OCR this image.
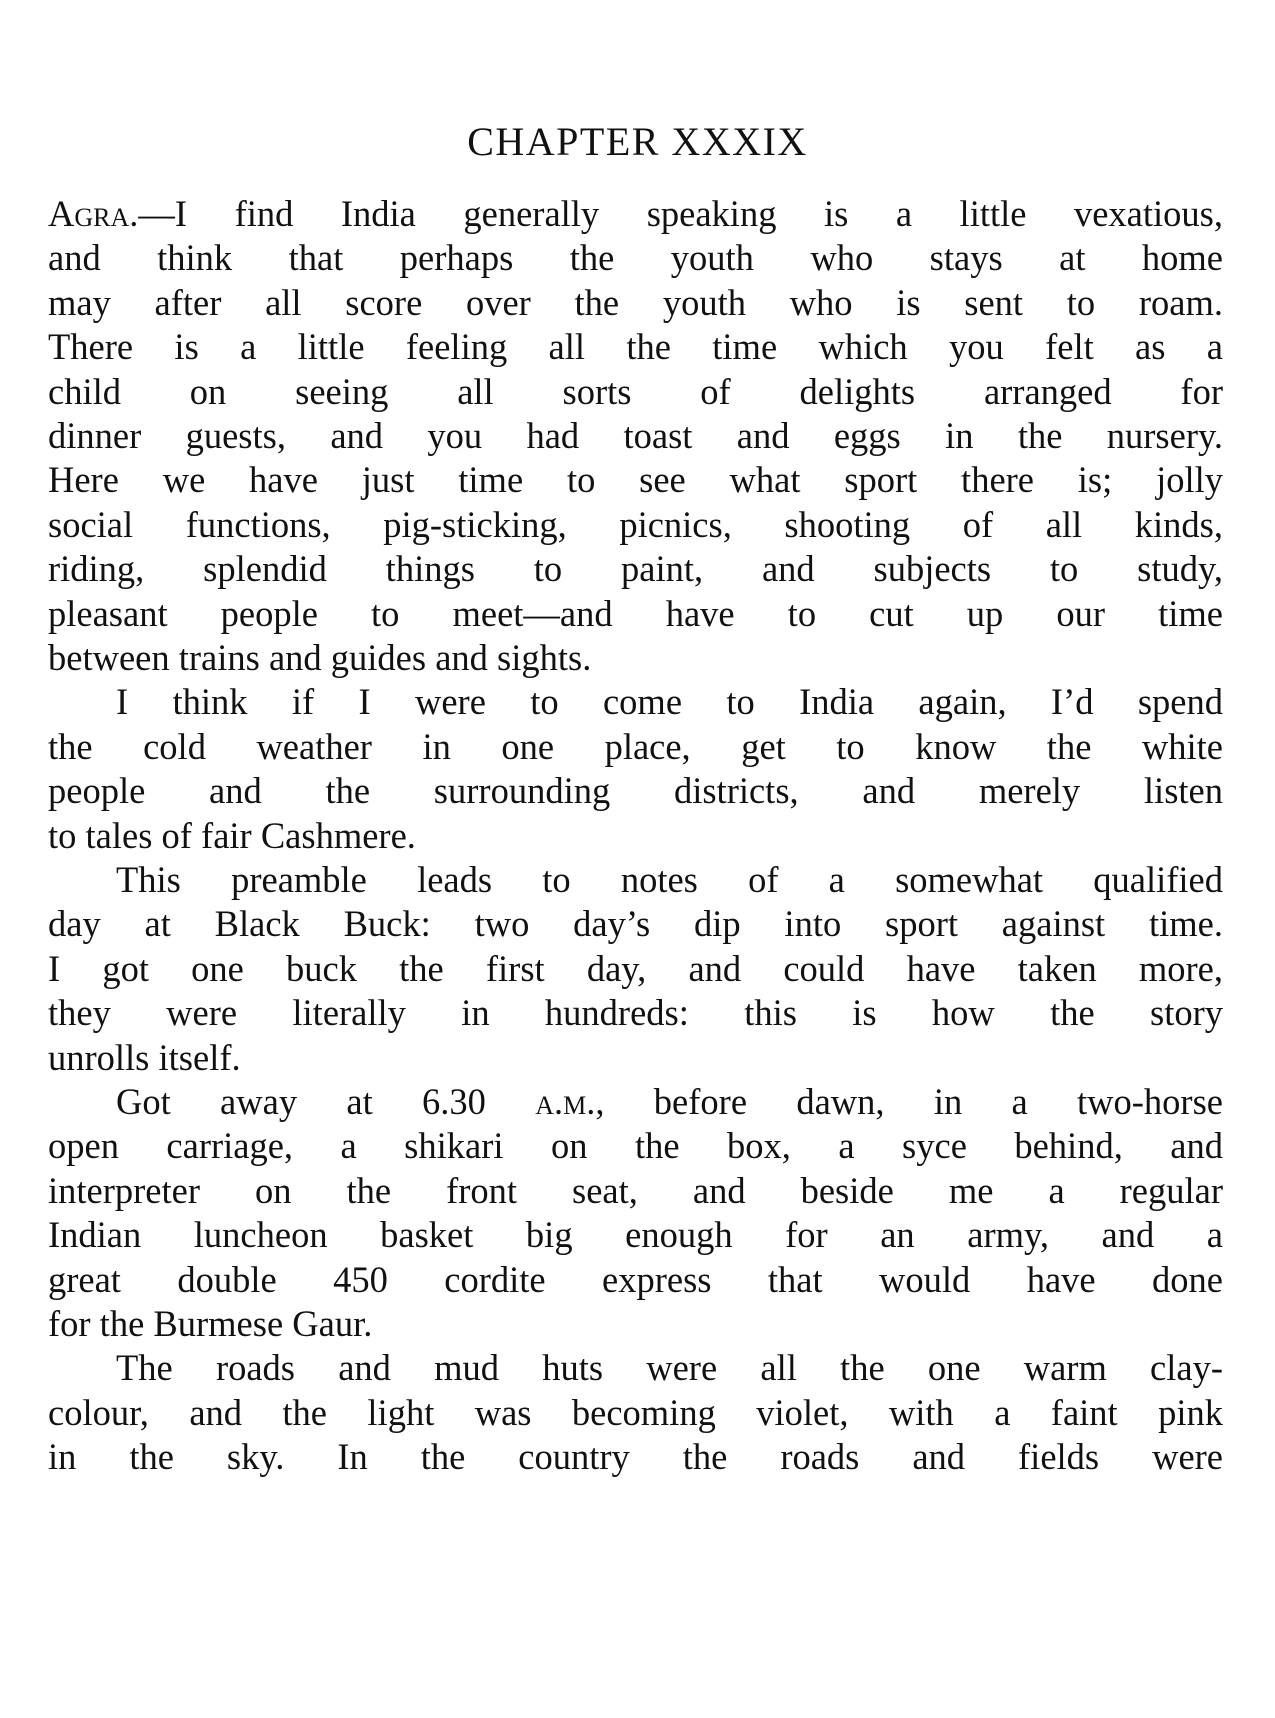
CHAPTER XXXIX
Agra.—I find India generally speaking is a little vexatious,
and think that perhaps the youth who stays at home
may after all score over the youth who is sent to roam.
There is a little feeling all the time which you felt as a
child on seeing all sorts of delights arranged for
dinner guests, and you had toast and eggs in the nursery.
Here we have just time to see what sport there is; jolly
social functions, pig-sticking, picnics, shooting of all kinds,
riding, splendid things to paint, and subjects to study,
pleasant people to meet—and have to cut up our time
between trains and guides and sights.
I think if I were to come to India again, I’d spend
the cold weather in one place, get to know the white
people and the surrounding districts, and merely listen
to tales of fair Cashmere.
This preamble leads to notes of a somewhat qualified
day at Black Buck: two day’s dip into sport against time.
I got one buck the first day, and could have taken more,
they were literally in hundreds: this is how the story
unrolls itself.
Got away at 6.30 a.m., before dawn, in a two-horse
open carriage, a shikari on the box, a syce behind, and
interpreter on the front seat, and beside me a regular
Indian luncheon basket big enough for an army, and a
great double 450 cordite express that would have done
for the Burmese Gaur.
The roads and mud huts were all the one warm clay-
colour, and the light was becoming violet, with a faint pink
in the sky. In the country the roads and fields were
